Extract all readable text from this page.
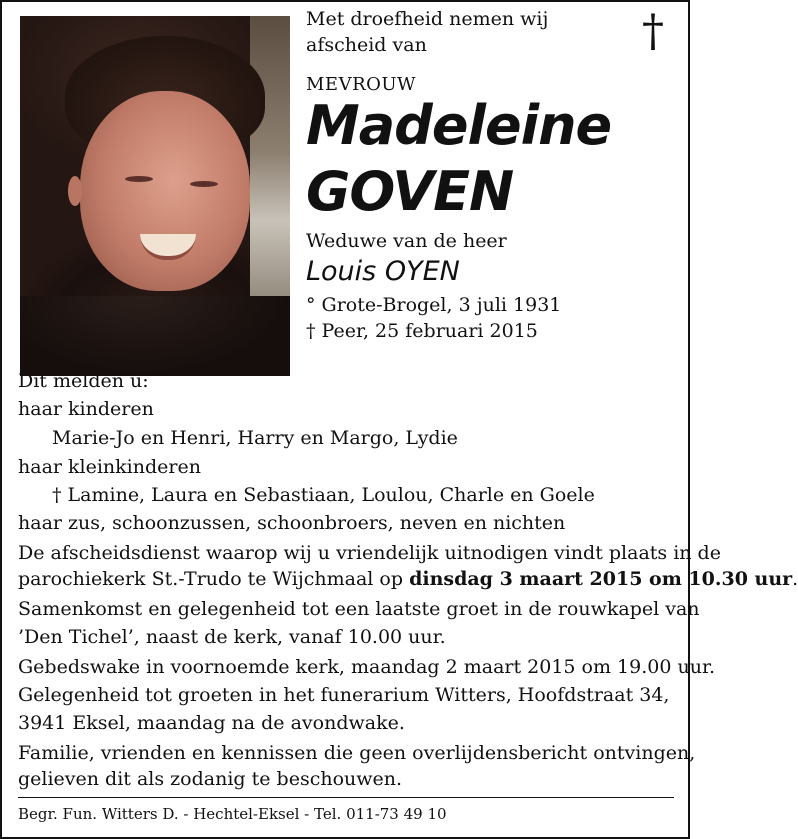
†
Met droefheid nemen wij
afscheid van
MEVROUW
Madeleine
GOVEN
Weduwe van de heer
Louis OYEN
° Grote-Brogel, 3 juli 1931
† Peer, 25 februari 2015
Dit melden u:
haar kinderen
Marie-Jo en Henri, Harry en Margo, Lydie
haar kleinkinderen
† Lamine, Laura en Sebastiaan, Loulou, Charle en Goele
haar zus, schoonzussen, schoonbroers, neven en nichten
De afscheidsdienst waarop wij u vriendelijk uitnodigen vindt plaats in de
parochiekerk St.-Trudo te Wijchmaal op dinsdag 3 maart 2015 om 10.30 uur.
Samenkomst en gelegenheid tot een laatste groet in de rouwkapel van
’Den Tichel’, naast de kerk, vanaf 10.00 uur.
Gebedswake in voornoemde kerk, maandag 2 maart 2015 om 19.00 uur.
Gelegenheid tot groeten in het funerarium Witters, Hoofdstraat 34,
3941 Eksel, maandag na de avondwake.
Familie, vrienden en kennissen die geen overlijdensbericht ontvingen,
gelieven dit als zodanig te beschouwen.
Begr. Fun. Witters D. - Hechtel-Eksel - Tel. 011-73 49 10
